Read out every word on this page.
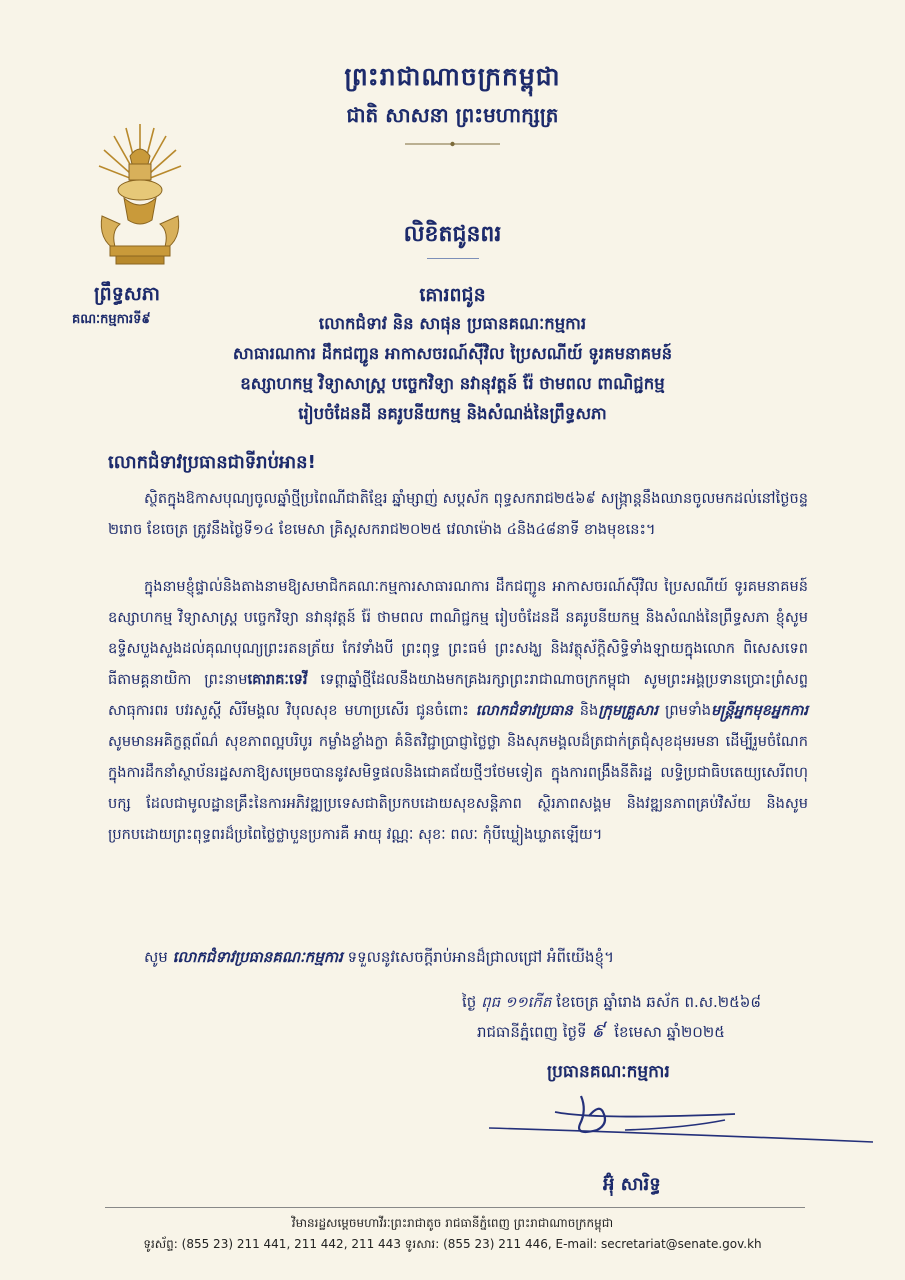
ព្រះរាជាណាចក្រកម្ពុជា
ជាតិ សាសនា ព្រះមហាក្សត្រ
ព្រឹទ្ធសភា
គណៈកម្មការទី៩
លិខិតជូនពរ
គោរពជូន
លោកជំទាវ និន សាផុន ប្រធានគណៈកម្មការ
សាធារណការ ដឹកជញ្ជូន អាកាសចរណ៍ស៊ីវិល ប្រៃសណីយ៍ ទូរគមនាគមន៍
ឧស្សាហកម្ម វិទ្យាសាស្ត្រ បច្ចេកវិទ្យា នវានុវត្តន៍ រ៉ែ ថាមពល ពាណិជ្ជកម្ម
រៀបចំដែនដី នគរូបនីយកម្ម និងសំណង់នៃព្រឹទ្ធសភា
លោកជំទាវប្រធានជាទីរាប់អាន!
ស្ថិតក្នុងឱកាសបុណ្យចូលឆ្នាំថ្មីប្រពៃណីជាតិខ្មែរ ឆ្នាំម្សាញ់ សប្តស័ក ពុទ្ធសករាជ២៥៦៩ សង្ក្រាន្តនឹងឈានចូលមកដល់នៅថ្ងៃចន្ទ ២រោច ខែចេត្រ ត្រូវនឹងថ្ងៃទី១៤ ខែមេសា គ្រិស្តសករាជ២០២៥ វេលាម៉ោង ៤និង៤៨នាទី ខាងមុខនេះ។
ក្នុងនាមខ្ញុំផ្ទាល់និងតាងនាមឱ្យសមាជិកគណៈកម្មការសាធារណការ ដឹកជញ្ជូន អាកាសចរណ៍ស៊ីវិល ប្រៃសណីយ៍ ទូរគមនាគមន៍ ឧស្សាហកម្ម វិទ្យាសាស្ត្រ បច្ចេកវិទ្យា នវានុវត្តន៍ រ៉ែ ថាមពល ពាណិជ្ជកម្ម រៀបចំដែនដី នគរូបនីយកម្ម និងសំណង់នៃព្រឹទ្ធសភា ខ្ញុំសូមឧទ្ទិសបួងសួងដល់គុណបុណ្យព្រះរតនត្រ័យ កែវទាំងបី ព្រះពុទ្ធ ព្រះធម៌ ព្រះសង្ឃ និងវត្ថុស័ក្តិសិទ្ធិទាំងឡាយក្នុងលោក ពិសេសទេពធីតាមគ្គនាយិកា ព្រះនាមគោរាគៈទេវី ទេព្តាឆ្នាំថ្មីដែលនឹងយាងមកគ្រងរក្សាព្រះរាជាណាចក្រកម្ពុជា សូមព្រះអង្គប្រទានប្រោះព្រំសព្ទសាធុការពរ បវរសួស្តី សិរីមង្គល វិបុលសុខ មហាប្រសើរ ជូនចំពោះ លោកជំទាវប្រធាន និងក្រុមគ្រួសារ ព្រមទាំងមន្ត្រីអ្នកមុខអ្នកការ សូមមានអគិក្ខត្តព័ណ៌ សុខភាពល្អបរិបូរ កម្លាំងខ្លាំងក្លា គំនិតវិជ្ជាប្រាជ្ញាថ្លៃថ្លា និងសុភមង្គលដ៏ត្រជាក់ត្រជុំសុខដុមរមនា ដើម្បីរួមចំណែកក្នុងការដឹកនាំស្ថាប័នរដ្ឋសភាឱ្យសម្រេចបាននូវសមិទ្ធផលនិងជោគជ័យថ្មីៗថែមទៀត ក្នុងការពង្រឹងនីតិរដ្ឋ លទ្ធិប្រជាធិបតេយ្យសេរីពហុបក្ស ដែលជាមូលដ្ឋានគ្រឹះនៃការអភិវឌ្ឍប្រទេសជាតិប្រកបដោយសុខសន្តិភាព ស្ថិរភាពសង្គម និងវឌ្ឍនភាពគ្រប់វិស័យ និងសូមប្រកបដោយព្រះពុទ្ធពរដ៏ប្រពៃថ្លៃថ្លាបួនប្រការគឺ អាយុ វណ្ណៈ សុខៈ ពលៈ កុំបីឃ្លៀងឃ្លាតឡើយ។
សូម លោកជំទាវប្រធានគណៈកម្មការ ទទួលនូវសេចក្តីរាប់អានដ៏ជ្រាលជ្រៅ អំពីយើងខ្ញុំ។
ថ្ងៃ ពុធ ១១កើត ខែចេត្រ ឆ្នាំរោង ឆស័ក ព.ស.២៥៦៨
រាជធានីភ្នំពេញ ថ្ងៃទី ៩ ខែមេសា ឆ្នាំ២០២៥
ប្រធានគណៈកម្មការ
អ៊ុំ សារិទ្ធ
វិមានរដ្ឋសម្តេចមហាវីរៈព្រះរាជាតូច រាជធានីភ្នំពេញ ព្រះរាជាណាចក្រកម្ពុជា
ទូរស័ព្ទ: (855 23) 211 441, 211 442, 211 443 ទូរសារ: (855 23) 211 446, E-mail: secretariat@senate.gov.kh
